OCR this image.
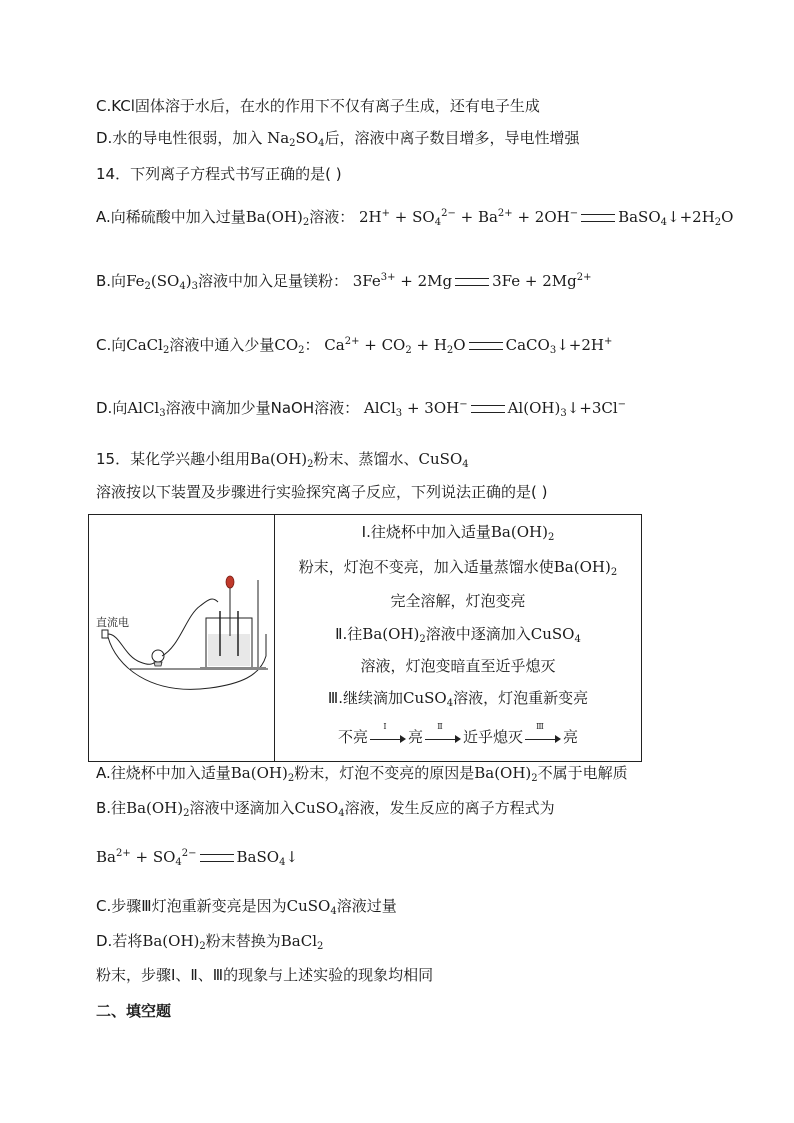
C.KCl固体溶于水后，在水的作用下不仅有离子生成，还有电子生成
D.水的导电性很弱，加入 $Na_2SO_4$后，溶液中离子数目增多，导电性增强
14．下列离子方程式书写正确的是( )
A.向稀硫酸中加入过量$Ba(OH)_2$溶液： $2H^+ + SO_4^{2-} + Ba^{2+} + 2OH^-$	$BaSO_4↓+2H_2O$
B.向$Fe_2(SO_4)_3$溶液中加入足量镁粉： $3Fe^{3+} + 2Mg$	$3Fe + 2Mg^{2+}$
C.向CaCl$_2$溶液中通入少量$CO_2$： $Ca^{2+} + CO_2 + H_2O$	CaCO$_3$↓+2H+
D.向AlCl$_3$溶液中滴加少量NaOH溶液： AlCl$_3$ + 3OH−	$Al(OH)_3↓+3Cl^-$
15．某化学兴趣小组用$Ba(OH)_2$粉末、蒸馏水、CuSO$_4$
溶液按以下装置及步骤进行实验探究离子反应，下列说法正确的是( )
直流电
Ⅰ.往烧杯中加入适量$Ba(OH)_2$
粉末，灯泡不变亮，加入适量蒸馏水使$Ba(OH)_2$
完全溶解，灯泡变亮
Ⅱ.往$Ba(OH)_2$溶液中逐滴加入CuSO$_4$
溶液，灯泡变暗直至近乎熄灭
Ⅲ.继续滴加CuSO$_4$溶液，灯泡重新变亮
不亮
Ⅰ
亮
Ⅱ
近乎熄灭
Ⅲ
亮
A.往烧杯中加入适量$Ba(OH)_2$粉末，灯泡不变亮的原因是$Ba(OH)_2$不属于电解质
B.往$Ba(OH)_2$溶液中逐滴加入CuSO$_4$溶液，发生反应的离子方程式为
$Ba^{2+} + SO_4^{2-}$	BaSO$_4$↓
C.步骤Ⅲ灯泡重新变亮是因为CuSO$_4$溶液过量
D.若将$Ba(OH)_2$粉末替换为BaCl$_2$
粉末，步骤Ⅰ、Ⅱ、Ⅲ的现象与上述实验的现象均相同
二、填空题
